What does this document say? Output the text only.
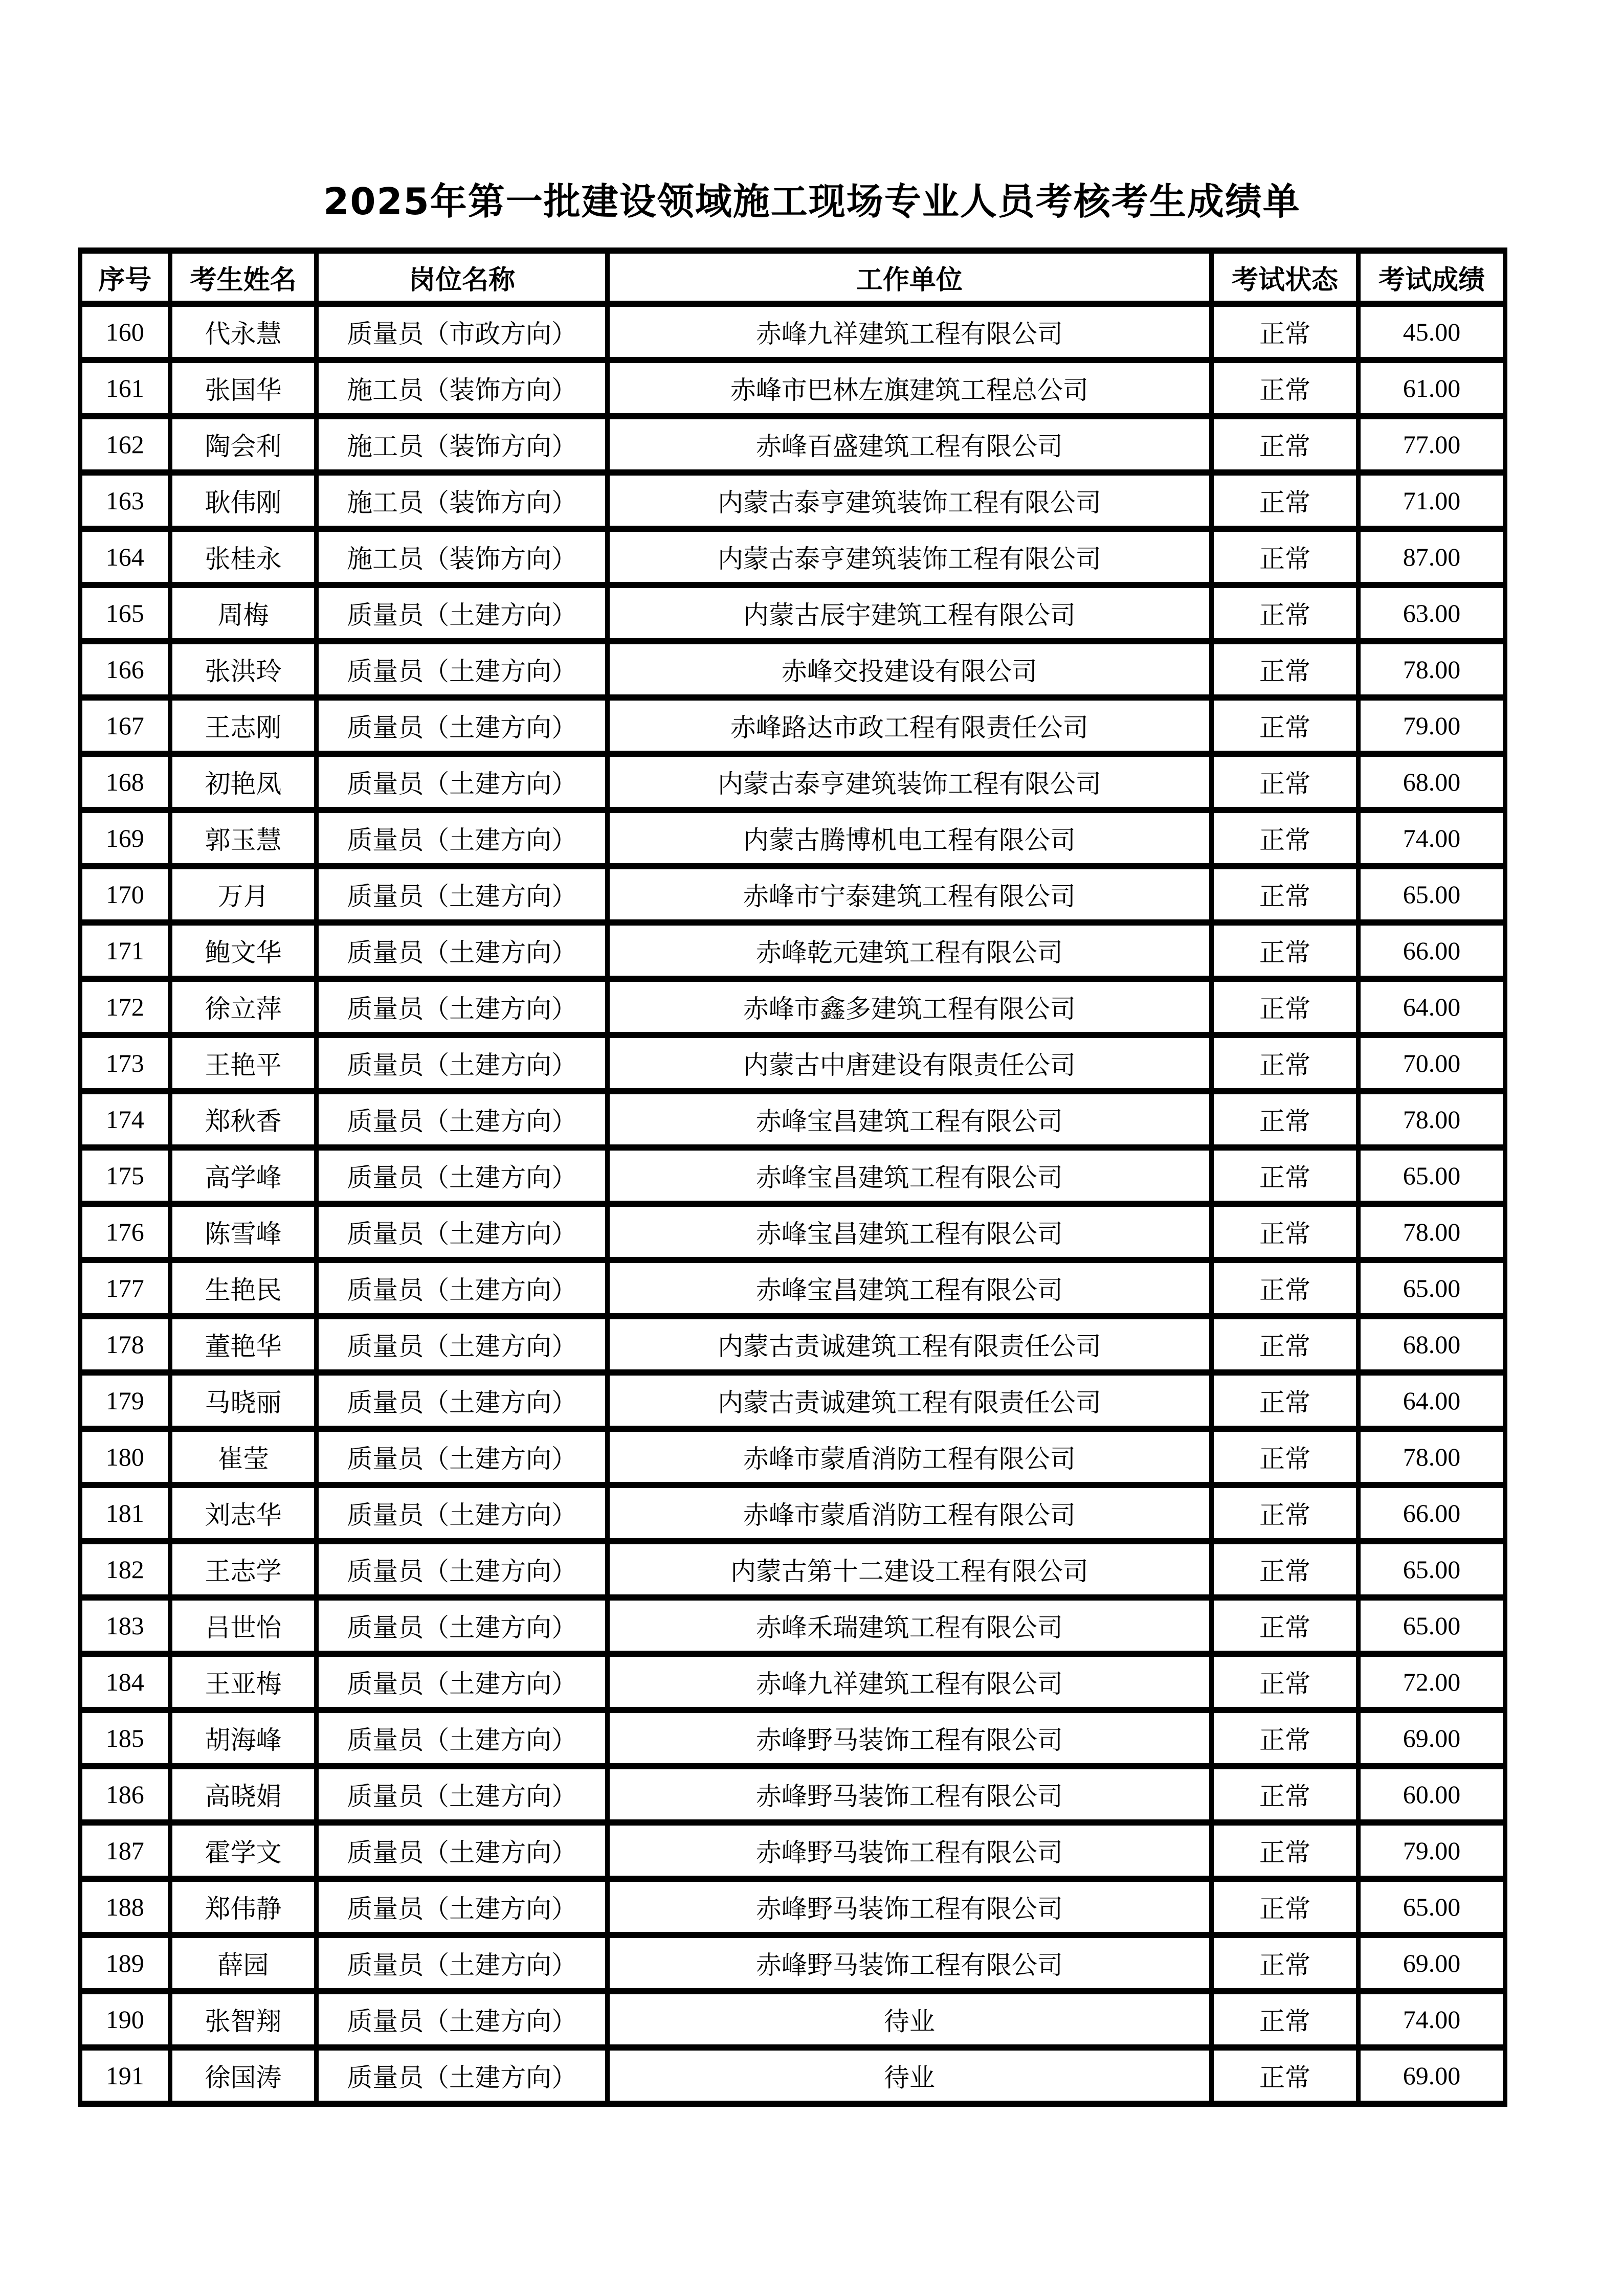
2025年第一批建设领域施工现场专业人员考核考生成绩单
序号	考生姓名	岗位名称	工作单位	考试状态	考试成绩
160	代永慧	质量员（市政方向）	赤峰九祥建筑工程有限公司	正常	45.00
161	张国华	施工员（装饰方向）	赤峰市巴林左旗建筑工程总公司	正常	61.00
162	陶会利	施工员（装饰方向）	赤峰百盛建筑工程有限公司	正常	77.00
163	耿伟刚	施工员（装饰方向）	内蒙古泰亨建筑装饰工程有限公司	正常	71.00
164	张桂永	施工员（装饰方向）	内蒙古泰亨建筑装饰工程有限公司	正常	87.00
165	周梅	质量员（土建方向）	内蒙古辰宇建筑工程有限公司	正常	63.00
166	张洪玲	质量员（土建方向）	赤峰交投建设有限公司	正常	78.00
167	王志刚	质量员（土建方向）	赤峰路达市政工程有限责任公司	正常	79.00
168	初艳凤	质量员（土建方向）	内蒙古泰亨建筑装饰工程有限公司	正常	68.00
169	郭玉慧	质量员（土建方向）	内蒙古腾博机电工程有限公司	正常	74.00
170	万月	质量员（土建方向）	赤峰市宁泰建筑工程有限公司	正常	65.00
171	鲍文华	质量员（土建方向）	赤峰乾元建筑工程有限公司	正常	66.00
172	徐立萍	质量员（土建方向）	赤峰市鑫多建筑工程有限公司	正常	64.00
173	王艳平	质量员（土建方向）	内蒙古中唐建设有限责任公司	正常	70.00
174	郑秋香	质量员（土建方向）	赤峰宝昌建筑工程有限公司	正常	78.00
175	高学峰	质量员（土建方向）	赤峰宝昌建筑工程有限公司	正常	65.00
176	陈雪峰	质量员（土建方向）	赤峰宝昌建筑工程有限公司	正常	78.00
177	生艳民	质量员（土建方向）	赤峰宝昌建筑工程有限公司	正常	65.00
178	董艳华	质量员（土建方向）	内蒙古责诚建筑工程有限责任公司	正常	68.00
179	马晓丽	质量员（土建方向）	内蒙古责诚建筑工程有限责任公司	正常	64.00
180	崔莹	质量员（土建方向）	赤峰市蒙盾消防工程有限公司	正常	78.00
181	刘志华	质量员（土建方向）	赤峰市蒙盾消防工程有限公司	正常	66.00
182	王志学	质量员（土建方向）	内蒙古第十二建设工程有限公司	正常	65.00
183	吕世怡	质量员（土建方向）	赤峰禾瑞建筑工程有限公司	正常	65.00
184	王亚梅	质量员（土建方向）	赤峰九祥建筑工程有限公司	正常	72.00
185	胡海峰	质量员（土建方向）	赤峰野马装饰工程有限公司	正常	69.00
186	高晓娟	质量员（土建方向）	赤峰野马装饰工程有限公司	正常	60.00
187	霍学文	质量员（土建方向）	赤峰野马装饰工程有限公司	正常	79.00
188	郑伟静	质量员（土建方向）	赤峰野马装饰工程有限公司	正常	65.00
189	薛园	质量员（土建方向）	赤峰野马装饰工程有限公司	正常	69.00
190	张智翔	质量员（土建方向）	待业	正常	74.00
191	徐国涛	质量员（土建方向）	待业	正常	69.00
